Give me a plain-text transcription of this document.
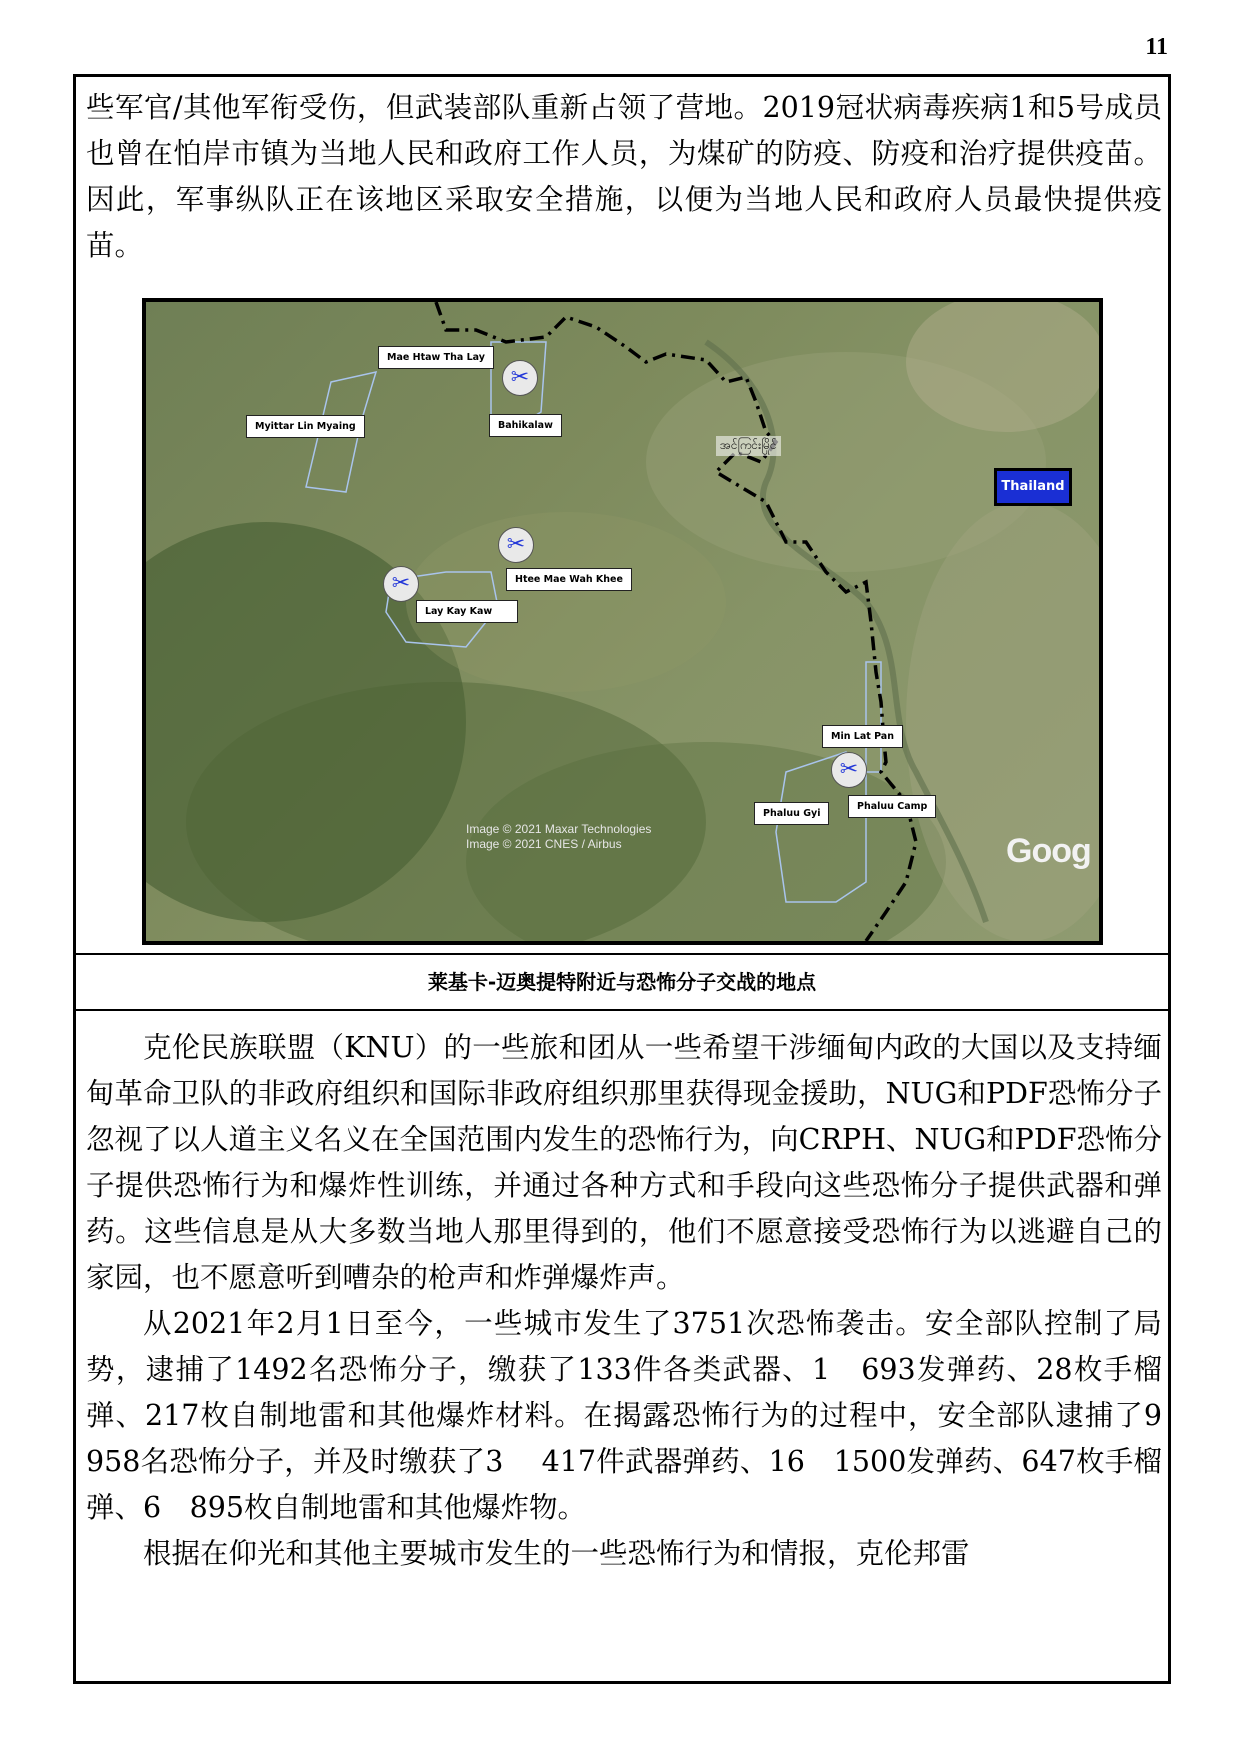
11

些军官/其他军衔受伤，但武装部队重新占领了营地。2019冠状病毒疾病1和5号成员也曾在怕岸市镇为当地人民和政府工作人员，为煤矿的防疫、防疫和治疗提供疫苗。因此，军事纵队正在该地区采取安全措施，以便为当地人民和政府人员最快提供疫苗。

Mae Htaw Tha Lay
Myittar Lin Myaing	Bahikalaw
Htee Mae Wah Khee
Lay Kay Kaw
Min Lat Pan
Phaluu Gyi
Phaluu Camp
✂
✂
✂
✂
အင်ကြင်းမြိုင်
Thailand
Image © 2021 Maxar Technologies
Image © 2021 CNES / Airbus	Goog
莱基卡-迈奥提特附近与恐怖分子交战的地点

克伦民族联盟（KNU）的一些旅和团从一些希望干涉缅甸内政的大国以及支持缅甸革命卫队的非政府组织和国际非政府组织那里获得现金援助，NUG和PDF恐怖分子忽视了以人道主义名义在全国范围内发生的恐怖行为，向CRPH、NUG和PDF恐怖分子提供恐怖行为和爆炸性训练，并通过各种方式和手段向这些恐怖分子提供武器和弹药。这些信息是从大多数当地人那里得到的，他们不愿意接受恐怖行为以逃避自己的家园，也不愿意听到嘈杂的枪声和炸弹爆炸声。

从2021年2月1日至今，一些城市发生了3751次恐怖袭击。安全部队控制了局势，逮捕了1492名恐怖分子，缴获了133件各类武器、1　693发弹药、28枚手榴弹、217枚自制地雷和其他爆炸材料。在揭露恐怖行为的过程中，安全部队逮捕了9　 958名恐怖分子，并及时缴获了3　 417件武器弹药、16　1500发弹药、647枚手榴弹、6　895枚自制地雷和其他爆炸物。

根据在仰光和其他主要城市发生的一些恐怖行为和情报，克伦邦雷
